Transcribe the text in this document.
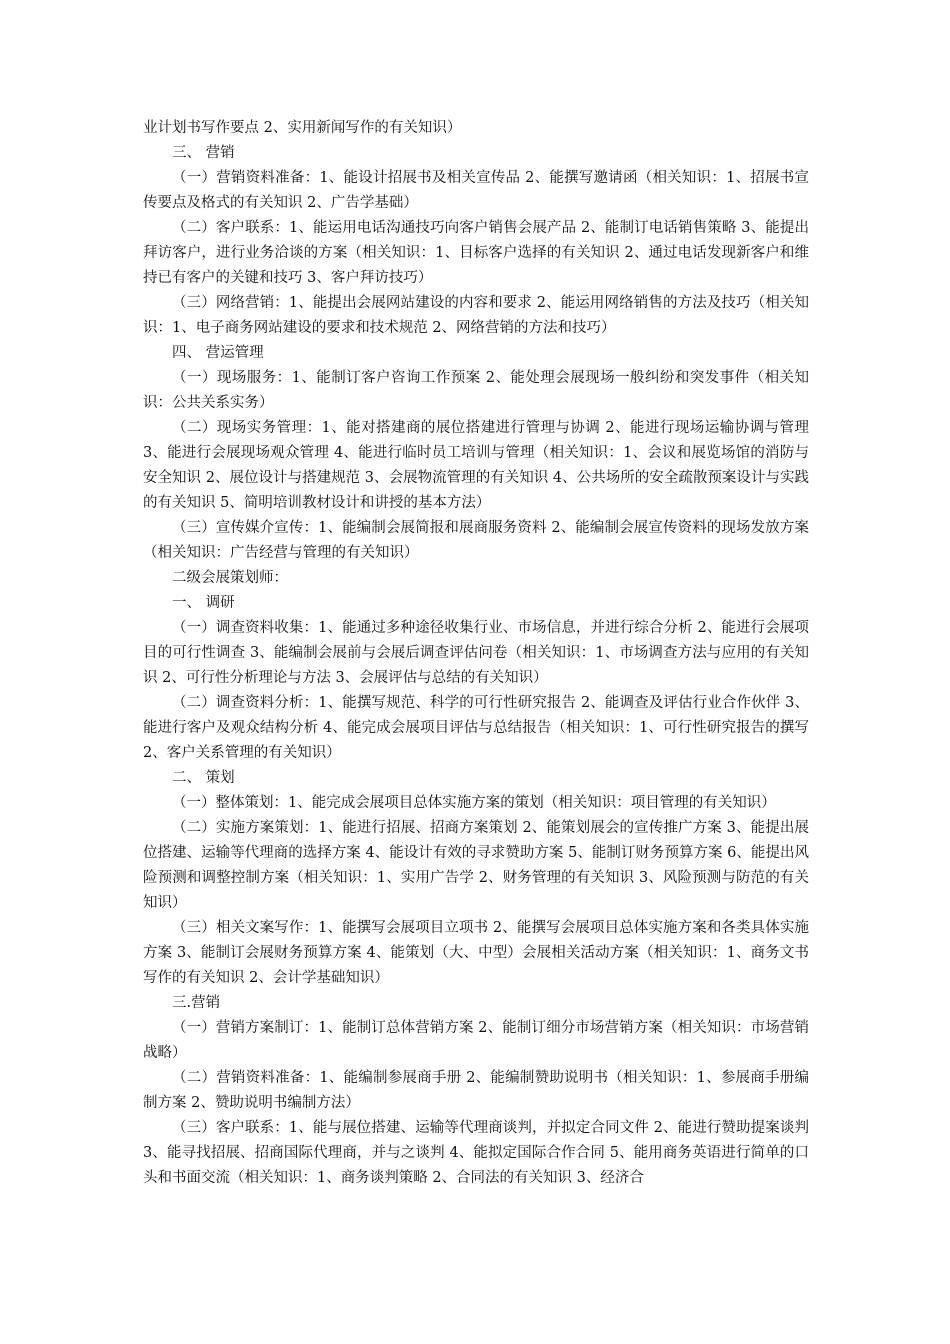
业计划书写作要点 2、实用新闻写作的有关知识）

三、 营销

（一）营销资料准备：1、能设计招展书及相关宣传品 2、能撰写邀请函（相关知识：1、招展书宣传要点及格式的有关知识 2、广告学基础）

（二）客户联系：1、能运用电话沟通技巧向客户销售会展产品 2、能制订电话销售策略 3、能提出拜访客户，进行业务洽谈的方案（相关知识：1、目标客户选择的有关知识 2、通过电话发现新客户和维持已有客户的关键和技巧 3、客户拜访技巧）

（三）网络营销：1、能提出会展网站建设的内容和要求 2、能运用网络销售的方法及技巧（相关知识：1、电子商务网站建设的要求和技术规范 2、网络营销的方法和技巧）

四、 营运管理

（一）现场服务：1、能制订客户咨询工作预案 2、能处理会展现场一般纠纷和突发事件（相关知识：公共关系实务）

（二）现场实务管理：1、能对搭建商的展位搭建进行管理与协调 2、能进行现场运输协调与管理 3、能进行会展现场观众管理 4、能进行临时员工培训与管理（相关知识：1、会议和展览场馆的消防与安全知识 2、展位设计与搭建规范 3、会展物流管理的有关知识 4、公共场所的安全疏散预案设计与实践的有关知识 5、简明培训教材设计和讲授的基本方法）

（三）宣传媒介宣传：1、能编制会展简报和展商服务资料 2、能编制会展宣传资料的现场发放方案（相关知识：广告经营与管理的有关知识）

二级会展策划师：

一、 调研

（一）调查资料收集：1、能通过多种途径收集行业、市场信息，并进行综合分析 2、能进行会展项目的可行性调查 3、能编制会展前与会展后调查评估问卷（相关知识：1、市场调查方法与应用的有关知识 2、可行性分析理论与方法 3、会展评估与总结的有关知识）

（二）调查资料分析：1、能撰写规范、科学的可行性研究报告 2、能调查及评估行业合作伙伴 3、能进行客户及观众结构分析 4、能完成会展项目评估与总结报告（相关知识：1、可行性研究报告的撰写 2、客户关系管理的有关知识）

二、 策划

（一）整体策划：1、能完成会展项目总体实施方案的策划（相关知识：项目管理的有关知识）

（二）实施方案策划：1、能进行招展、招商方案策划 2、能策划展会的宣传推广方案 3、能提出展位搭建、运输等代理商的选择方案 4、能设计有效的寻求赞助方案 5、能制订财务预算方案 6、能提出风险预测和调整控制方案（相关知识：1、实用广告学 2、财务管理的有关知识 3、风险预测与防范的有关知识）

（三）相关文案写作：1、能撰写会展项目立项书 2、能撰写会展项目总体实施方案和各类具体实施方案 3、能制订会展财务预算方案 4、能策划（大、中型）会展相关活动方案（相关知识：1、商务文书写作的有关知识 2、会计学基础知识）

三.营销

（一）营销方案制订：1、能制订总体营销方案 2、能制订细分市场营销方案（相关知识：市场营销战略）

（二）营销资料准备：1、能编制参展商手册 2、能编制赞助说明书（相关知识：1、参展商手册编制方案 2、赞助说明书编制方法）

（三）客户联系：1、能与展位搭建、运输等代理商谈判，并拟定合同文件 2、能进行赞助提案谈判 3、能寻找招展、招商国际代理商，并与之谈判 4、能拟定国际合作合同 5、能用商务英语进行简单的口头和书面交流（相关知识：1、商务谈判策略 2、合同法的有关知识 3、经济合
